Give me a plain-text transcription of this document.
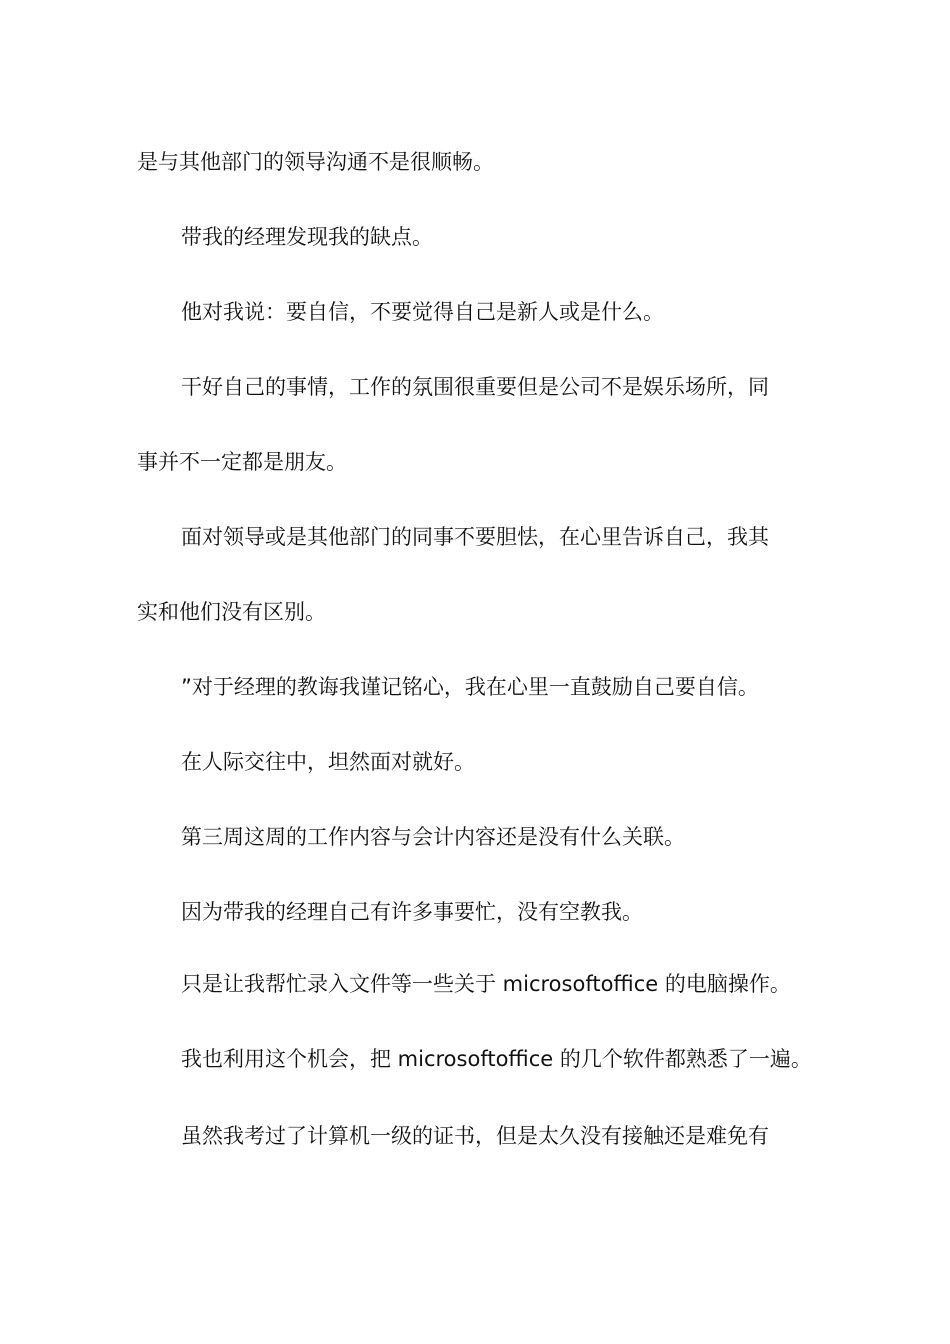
是与其他部门的领导沟通不是很顺畅。
带我的经理发现我的缺点。
他对我说：要自信，不要觉得自己是新人或是什么。
干好自己的事情，工作的氛围很重要但是公司不是娱乐场所，同
事并不一定都是朋友。
面对领导或是其他部门的同事不要胆怯，在心里告诉自己，我其
实和他们没有区别。
”对于经理的教诲我谨记铭心，我在心里一直鼓励自己要自信。
在人际交往中，坦然面对就好。
第三周这周的工作内容与会计内容还是没有什么关联。
因为带我的经理自己有许多事要忙，没有空教我。
只是让我帮忙录入文件等一些关于 microsoftoffice 的电脑操作。
我也利用这个机会，把 microsoftoffice 的几个软件都熟悉了一遍。
虽然我考过了计算机一级的证书，但是太久没有接触还是难免有
